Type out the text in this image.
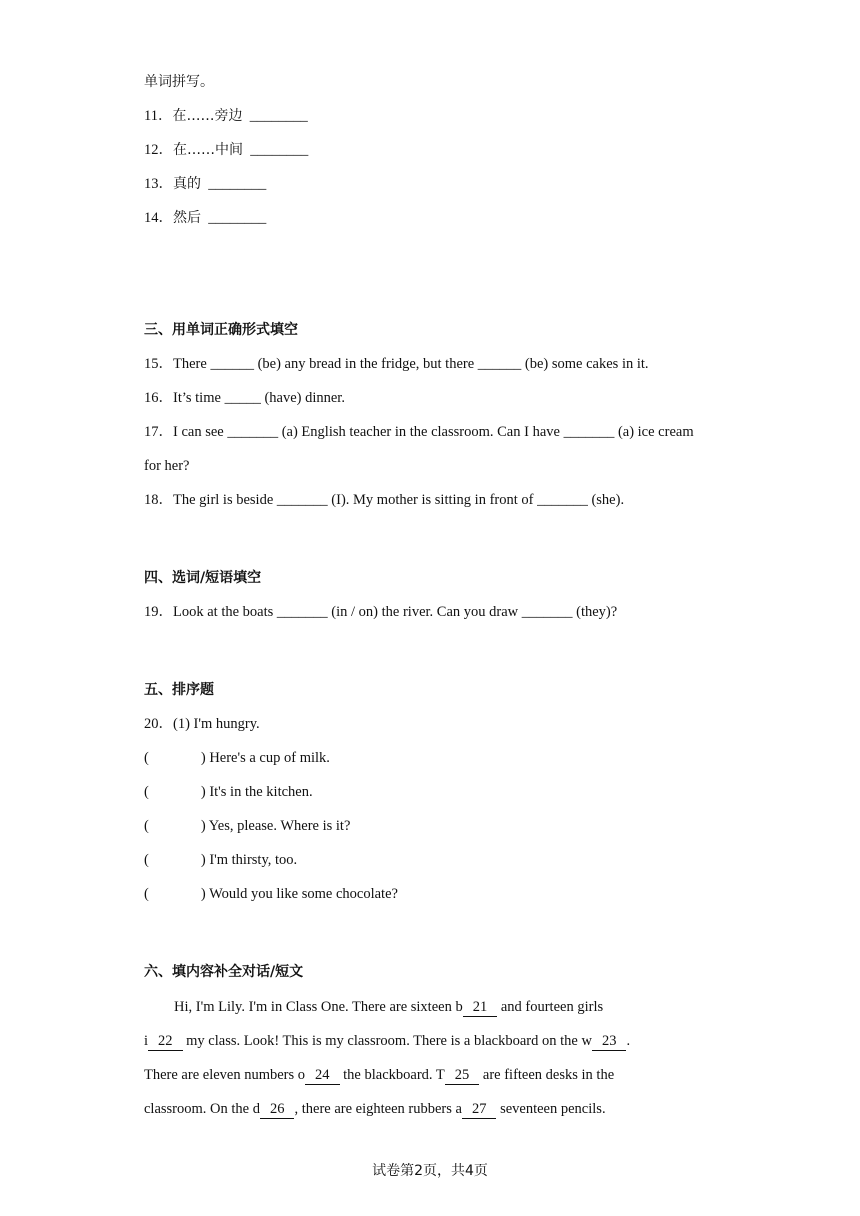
单词拼写。
11．在……旁边 ________
12．在……中间 ________
13．真的 ________
14．然后 ________
三、用单词正确形式填空
15．There ______ (be) any bread in the fridge, but there ______ (be) some cakes in it.
16．It’s time _____ (have) dinner.
17．I can see _______ (a) English teacher in the classroom. Can I have _______ (a) ice cream
for her?
18．The girl is beside _______ (I). My mother is sitting in front of _______ (she).
四、选词/短语填空
19．Look at the boats _______ (in / on) the river. Can you draw _______ (they)?
五、排序题
20．(1) I'm hungry.
(	) Here's a cup of milk.
(	) It's in the kitchen.
(	) Yes, please. Where is it?
(	) I'm thirsty, too.
(	) Would you like some chocolate?
六、填内容补全对话/短文
Hi, I'm Lily. I'm in Class One. There are sixteen b 21 and fourteen girls
i 22 my class. Look! This is my classroom. There is a blackboard on the w 23 .
There are eleven numbers o 24 the blackboard. T 25 are fifteen desks in the
classroom. On the d 26 , there are eighteen rubbers a 27 seventeen pencils.
试卷第2页，共4页
